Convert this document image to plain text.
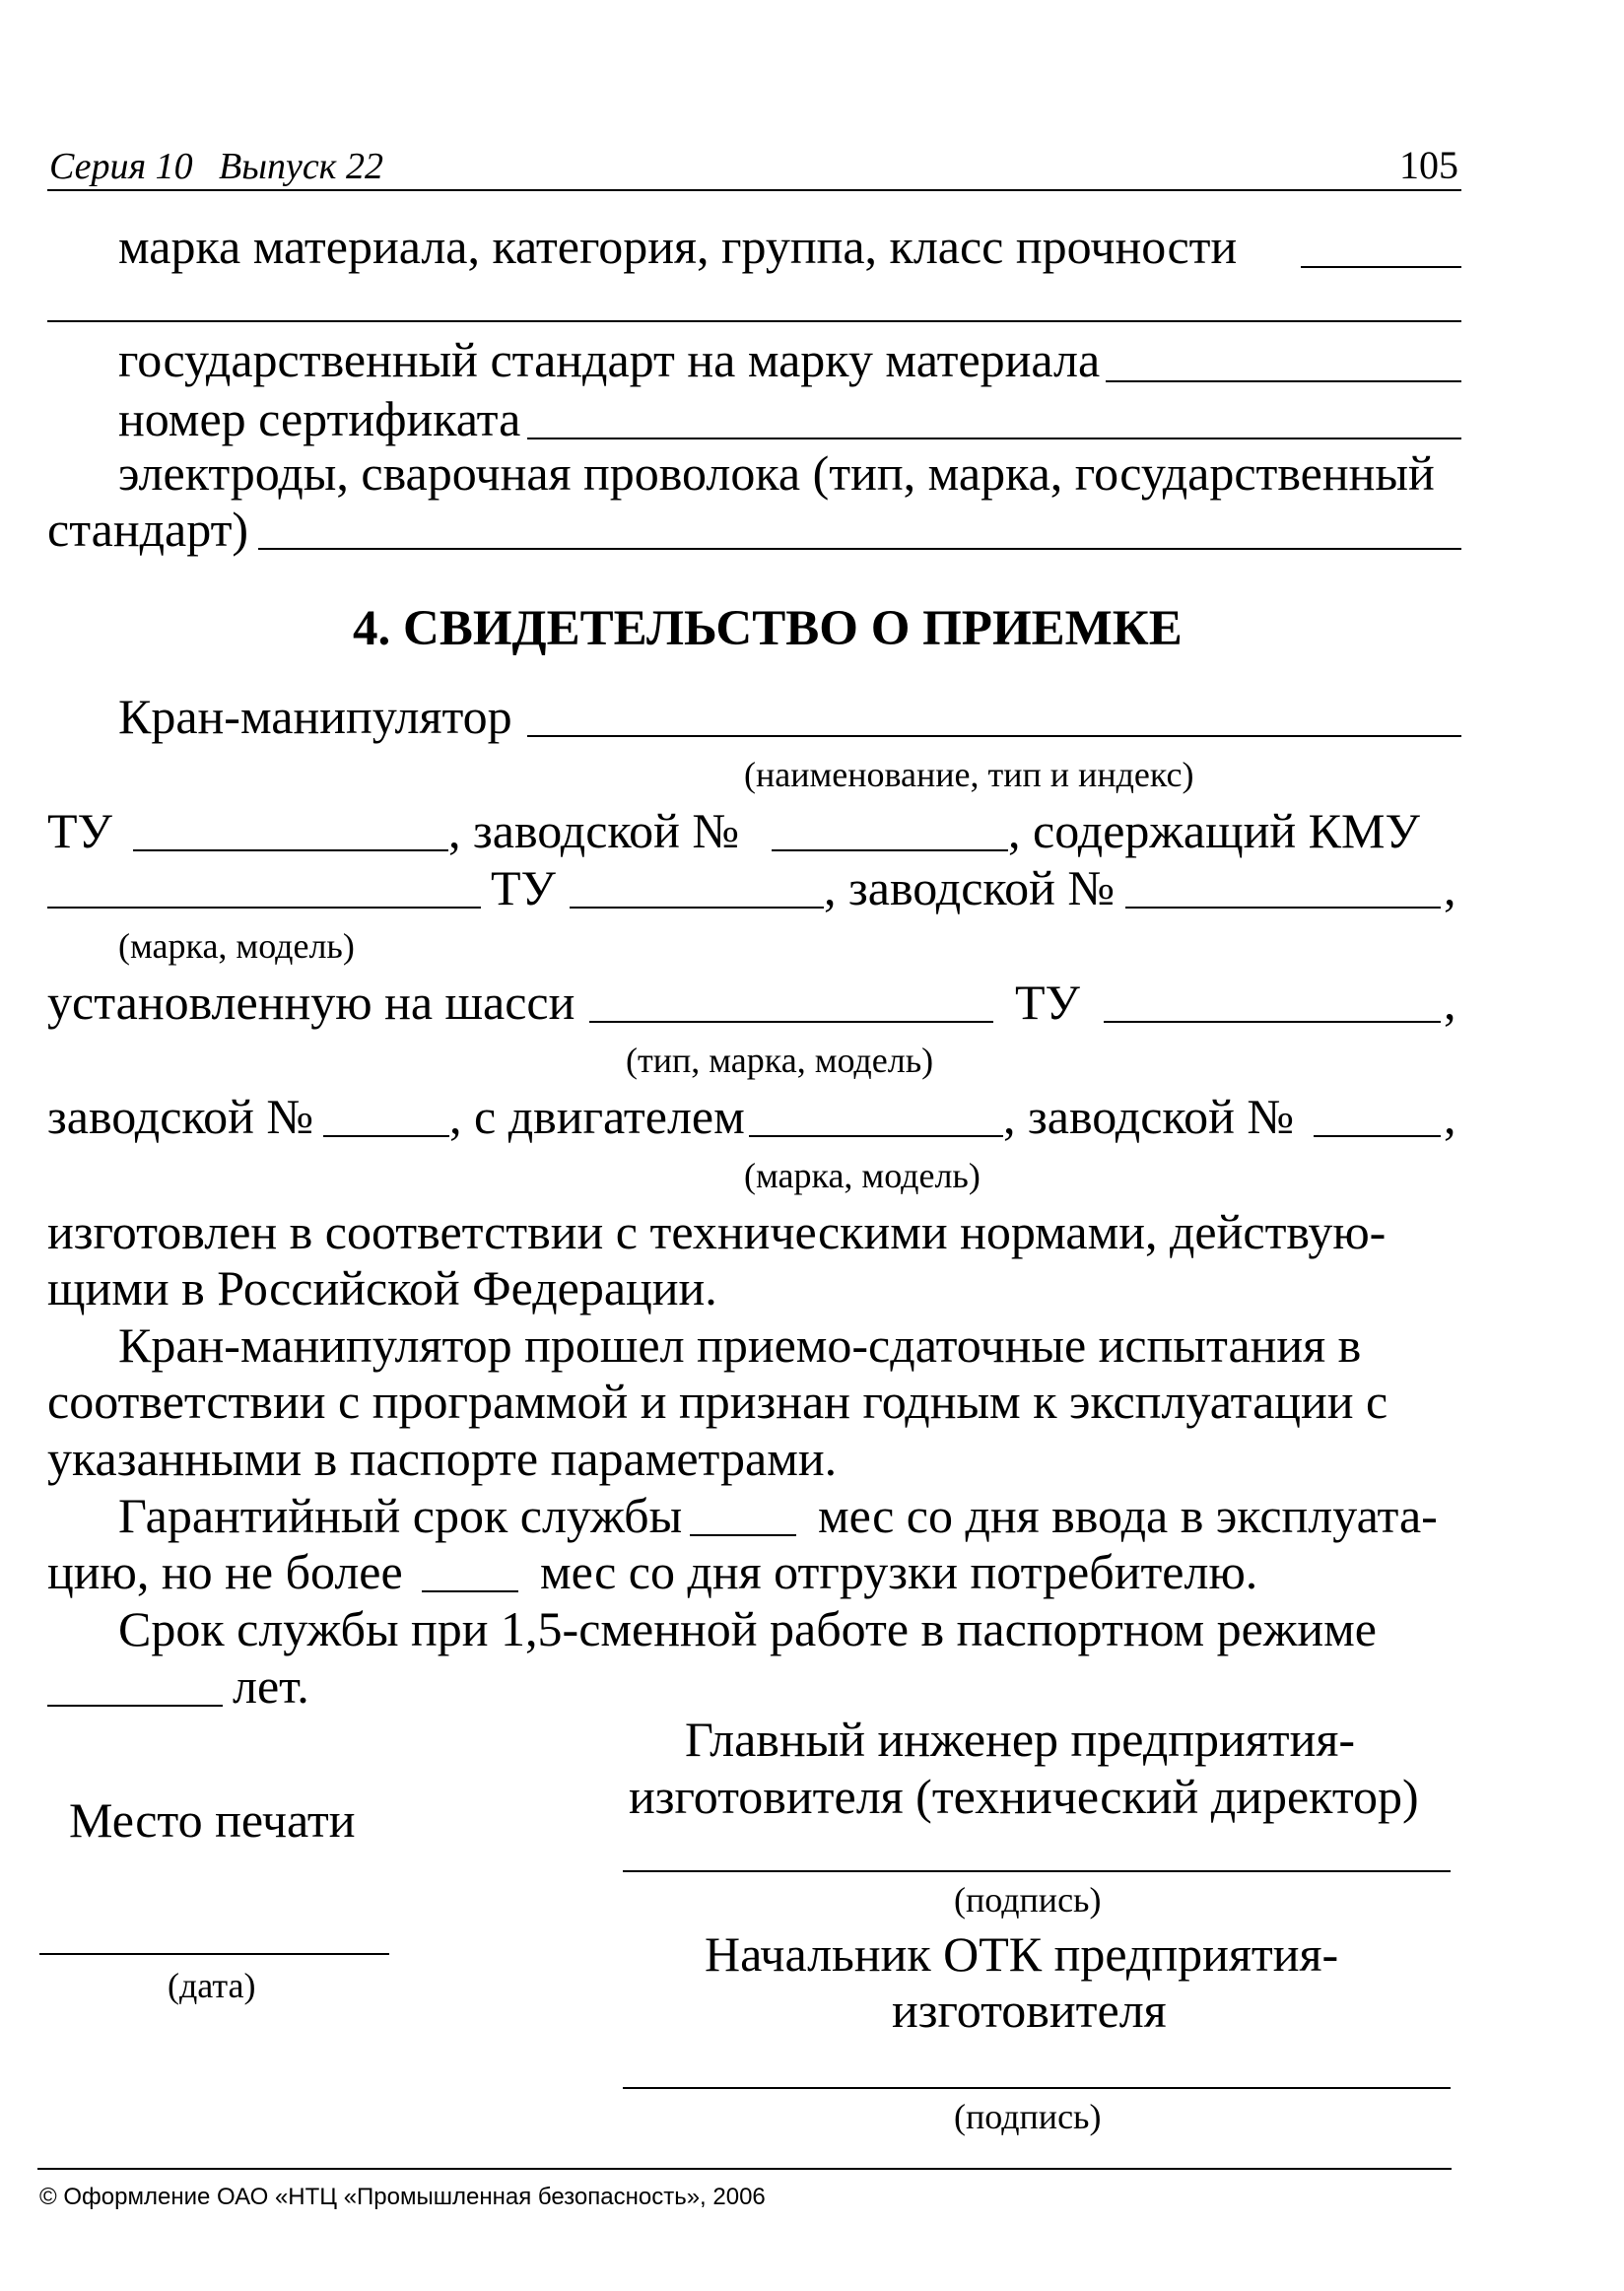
Серия 10 Выпуск 22	105
марка материала, категория, группа, класс прочности
государственный стандарт на марку материала
номер сертификата
электроды, сварочная проволока (тип, марка, государственный
стандарт)
4. СВИДЕТЕЛЬСТВО О ПРИЕМКЕ
Кран-манипулятор
(наименование, тип и индекс)
ТУ	, заводской №	, содержащий КМУ
ТУ	, заводской №	,
(марка, модель)
установленную на шасси	ТУ	,
(тип, марка, модель)
заводской №	, с двигателем	, заводской №	,
(марка, модель)
изготовлен в соответствии с техническими нормами, действую-
щими в Российской Федерации.
Кран-манипулятор прошел приемо-сдаточные испытания в
соответствии с программой и признан годным к эксплуатации с
указанными в паспорте параметрами.
Гарантийный срок службы	мес со дня ввода в эксплуата-
цию, но не более	мес со дня отгрузки потребителю.
Срок службы при 1,5-сменной работе в паспортном режиме
лет.
Главный инженер предприятия-
изготовителя (технический директор)
Место печати
(подпись)
(дата)
Начальник ОТК предприятия-
изготовителя
(подпись)
© Оформление ОАО «НТЦ «Промышленная безопасность», 2006
